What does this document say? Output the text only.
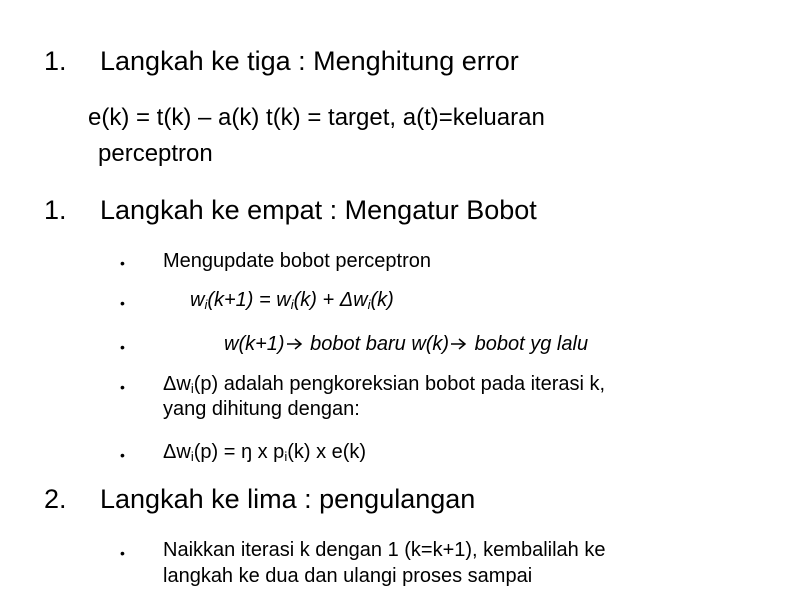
1. Langkah ke tiga : Menghitung error
e(k) = t(k) – a(k) t(k) = target, a(t)=keluaran
perceptron
1. Langkah ke empat : Mengatur Bobot
• Mengupdate bobot perceptron
•	$w_i(k+1) = w_i(k) + \Delta w_i(k)$
•	w(k+1) bobot baru w(k) bobot yg lalu
• $\Delta w_i(p)$ adalah pengkoreksian bobot pada iterasi k,
yang dihitung dengan:
• $\Delta w_i(p)$ = ŋ x $p_i(k)$ x e(k)
2. Langkah ke lima : pengulangan
• Naikkan iterasi k dengan 1 (k=k+1), kembalilah ke
langkah ke dua dan ulangi proses sampai
